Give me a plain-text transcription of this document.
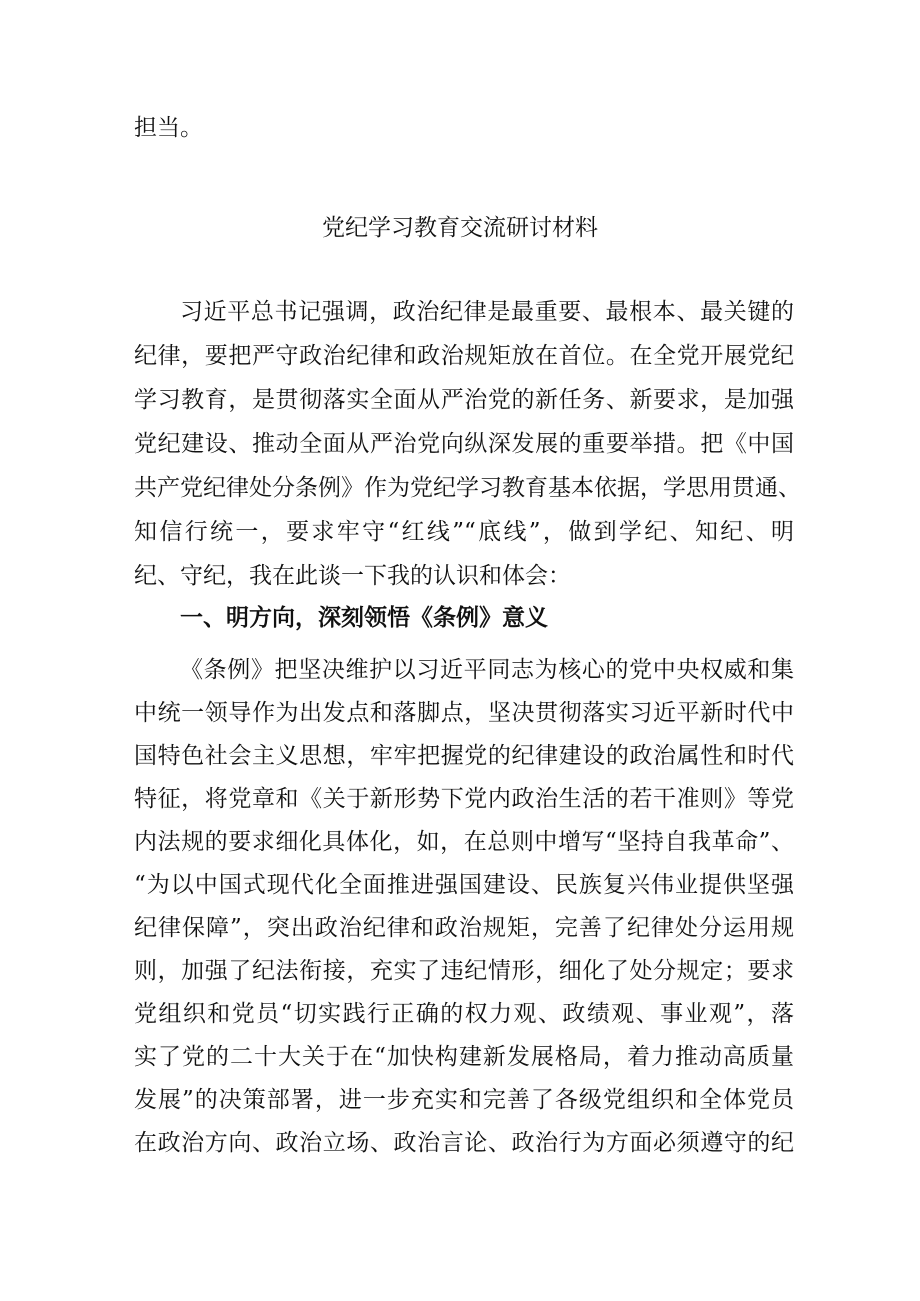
担当。
党纪学习教育交流研讨材料
习近平总书记强调，政治纪律是最重要、最根本、最关键的
纪律，要把严守政治纪律和政治规矩放在首位。在全党开展党纪
学习教育，是贯彻落实全面从严治党的新任务、新要求，是加强
党纪建设、推动全面从严治党向纵深发展的重要举措。把《中国
共产党纪律处分条例》作为党纪学习教育基本依据，学思用贯通、
知信行统一，要求牢守“红线”“底线”，做到学纪、知纪、明
纪、守纪，我在此谈一下我的认识和体会：
一、明方向，深刻领悟《条例》意义
《条例》把坚决维护以习近平同志为核心的党中央权威和集
中统一领导作为出发点和落脚点，坚决贯彻落实习近平新时代中
国特色社会主义思想，牢牢把握党的纪律建设的政治属性和时代
特征，将党章和《关于新形势下党内政治生活的若干准则》等党
内法规的要求细化具体化，如，在总则中增写“坚持自我革命”、
“为以中国式现代化全面推进强国建设、民族复兴伟业提供坚强
纪律保障”，突出政治纪律和政治规矩，完善了纪律处分运用规
则，加强了纪法衔接，充实了违纪情形，细化了处分规定；要求
党组织和党员“切实践行正确的权力观、政绩观、事业观”，落
实了党的二十大关于在“加快构建新发展格局，着力推动高质量
发展”的决策部署，进一步充实和完善了各级党组织和全体党员
在政治方向、政治立场、政治言论、政治行为方面必须遵守的纪
